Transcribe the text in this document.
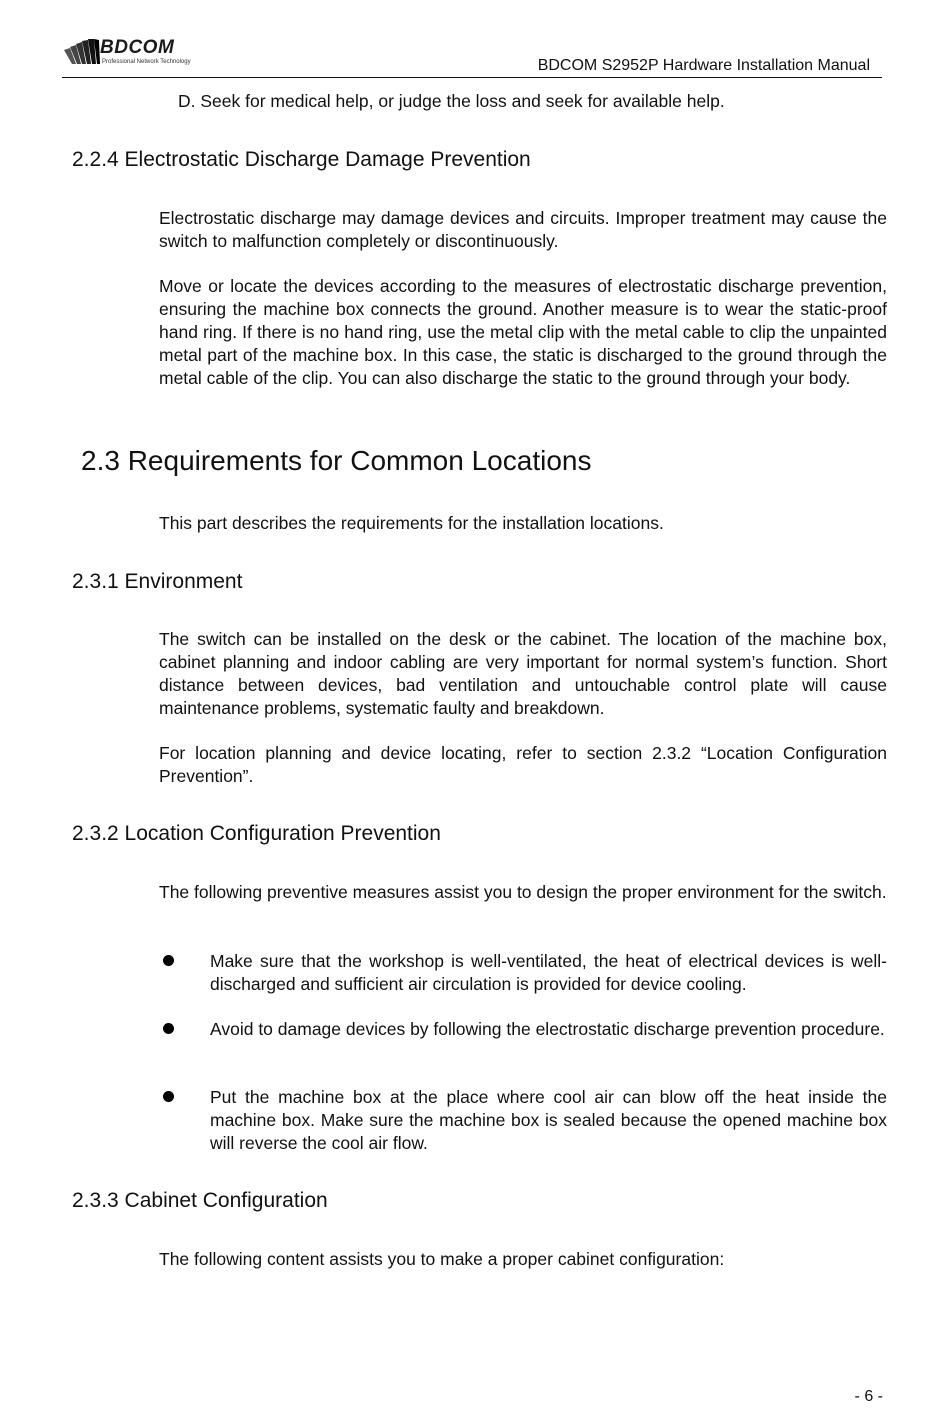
BDCOM
Professional Network Technology	BDCOM S2952P Hardware Installation Manual
D. Seek for medical help, or judge the loss and seek for available help.
2.2.4 Electrostatic Discharge Damage Prevention
Electrostatic discharge may damage devices and circuits. Improper treatment may cause the switch to malfunction completely or discontinuously.
Move or locate the devices according to the measures of electrostatic discharge prevention, ensuring the machine box connects the ground. Another measure is to wear the static-proof hand ring. If there is no hand ring, use the metal clip with the metal cable to clip the unpainted metal part of the machine box. In this case, the static is discharged to the ground through the metal cable of the clip. You can also discharge the static to the ground through your body.
2.3 Requirements for Common Locations
This part describes the requirements for the installation locations.
2.3.1 Environment
The switch can be installed on the desk or the cabinet. The location of the machine box, cabinet planning and indoor cabling are very important for normal system’s function. Short distance between devices, bad ventilation and untouchable control plate will cause maintenance problems, systematic faulty and breakdown.
For location planning and device locating, refer to section 2.3.2 “Location Configuration Prevention”.
2.3.2 Location Configuration Prevention
The following preventive measures assist you to design the proper environment for the switch.
Make sure that the workshop is well-ventilated, the heat of electrical devices is well-discharged and sufficient air circulation is provided for device cooling.
Avoid to damage devices by following the electrostatic discharge prevention procedure.
Put the machine box at the place where cool air can blow off the heat inside the machine box. Make sure the machine box is sealed because the opened machine box will reverse the cool air flow.
2.3.3 Cabinet Configuration
The following content assists you to make a proper cabinet configuration:
- 6 -
